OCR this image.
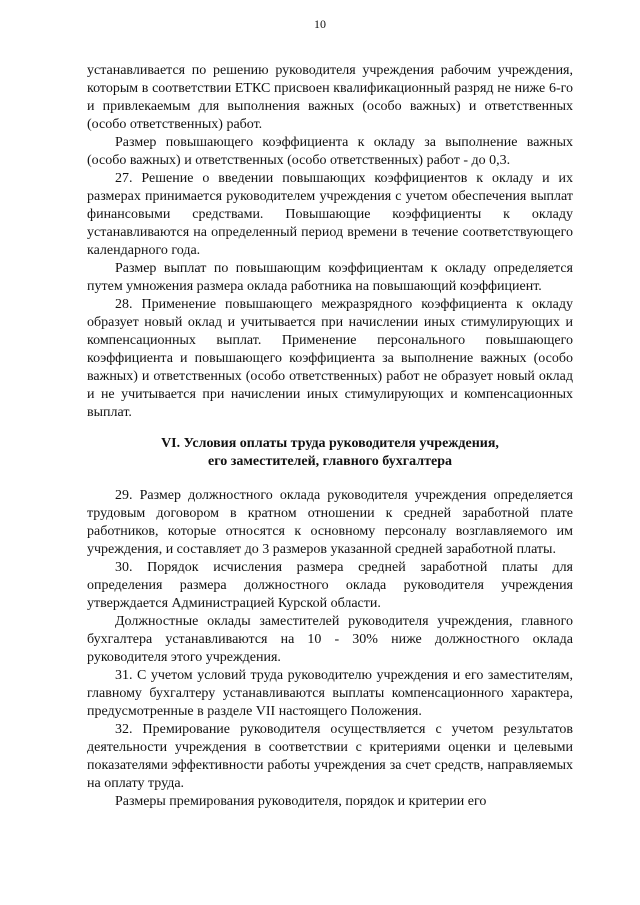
10

устанавливается по решению руководителя учреждения рабочим учреждения, которым в соответствии ЕТКС присвоен квалификационный разряд не ниже 6-го и привлекаемым для выполнения важных (особо важных) и ответственных (особо ответственных) работ.

Размер повышающего коэффициента к окладу за выполнение важных (особо важных) и ответственных (особо ответственных) работ - до 0,3.

27. Решение о введении повышающих коэффициентов к окладу и их размерах принимается руководителем учреждения с учетом обеспечения выплат финансовыми средствами. Повышающие коэффициенты к окладу устанавливаются на определенный период времени в течение соответствующего календарного года.

Размер выплат по повышающим коэффициентам к окладу определяется путем умножения размера оклада работника на повышающий коэффициент.

28. Применение повышающего межразрядного коэффициента к окладу образует новый оклад и учитывается при начислении иных стимулирующих и компенсационных выплат. Применение персонального повышающего коэффициента и повышающего коэффициента за выполнение важных (особо важных) и ответственных (особо ответственных) работ не образует новый оклад и не учитывается при начислении иных стимулирующих и компенсационных выплат.

VI. Условия оплаты труда руководителя учреждения,
его заместителей, главного бухгалтера

29. Размер должностного оклада руководителя учреждения определяется трудовым договором в кратном отношении к средней заработной плате работников, которые относятся к основному персоналу возглавляемого им учреждения, и составляет до 3 размеров указанной средней заработной платы.

30. Порядок исчисления размера средней заработной платы для определения размера должностного оклада руководителя учреждения утверждается Администрацией Курской области.

Должностные оклады заместителей руководителя учреждения, главного бухгалтера устанавливаются на 10 - 30% ниже должностного оклада руководителя этого учреждения.

31. С учетом условий труда руководителю учреждения и его заместителям, главному бухгалтеру устанавливаются выплаты компенсационного характера, предусмотренные в разделе VII настоящего Положения.

32. Премирование руководителя осуществляется с учетом результатов деятельности учреждения в соответствии с критериями оценки и целевыми показателями эффективности работы учреждения за счет средств, направляемых на оплату труда.

Размеры премирования руководителя, порядок и критерии его
